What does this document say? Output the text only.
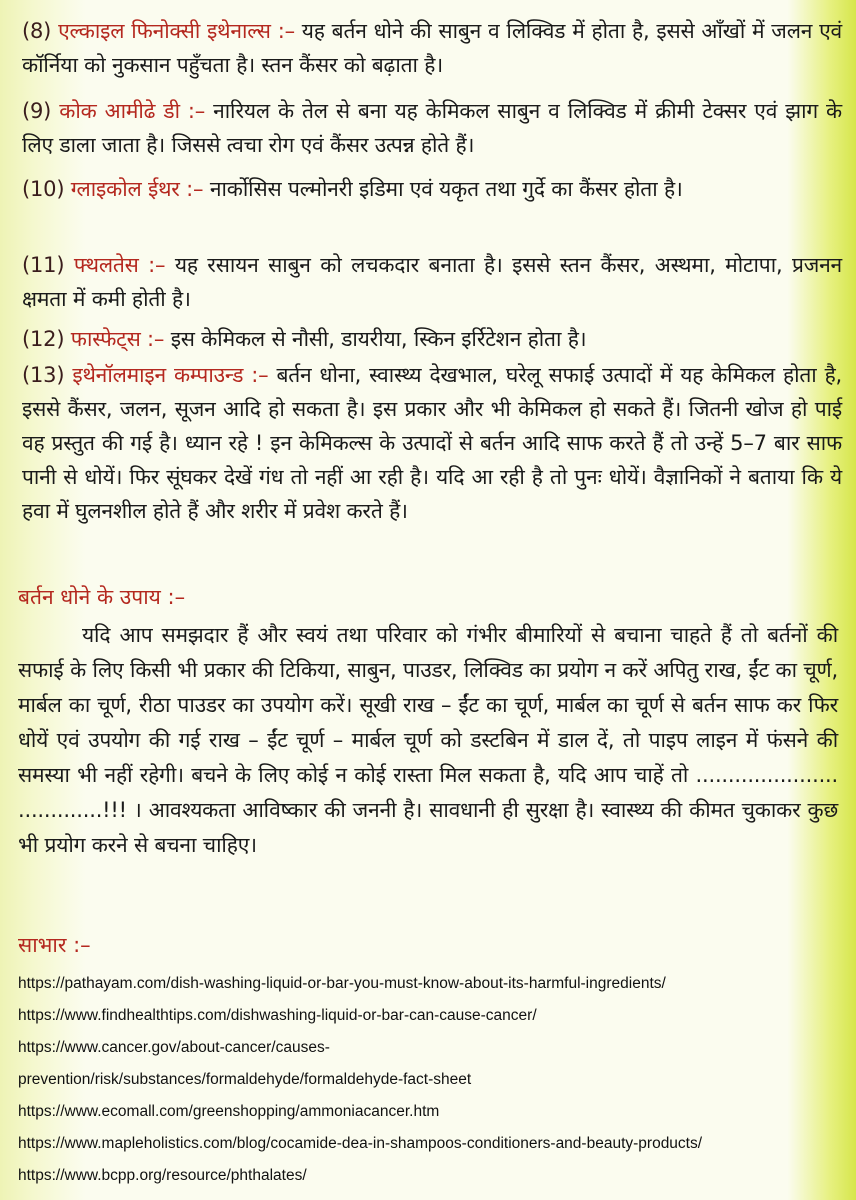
(8) एल्काइल फिनोक्सी इथेनाल्स :– यह बर्तन धोने की साबुन व लिक्विड में होता है, इससे आँखों में जलन एवं कॉर्निया को नुकसान पहुँचता है। स्तन कैंसर को बढ़ाता है।
(9) कोक आमीढे डी :– नारियल के तेल से बना यह केमिकल साबुन व लिक्विड में क्रीमी टेक्सर एवं झाग के लिए डाला जाता है। जिससे त्वचा रोग एवं कैंसर उत्पन्न होते हैं।
(10) ग्लाइकोल ईथर :– नार्कोसिस पल्मोनरी इडिमा एवं यकृत तथा गुर्दे का कैंसर होता है।
(11) फ्थलतेस :– यह रसायन साबुन को लचकदार बनाता है। इससे स्तन कैंसर, अस्थमा, मोटापा, प्रजनन क्षमता में कमी होती है।
(12) फास्फेट्स :– इस केमिकल से नौसी, डायरीया, स्किन इर्रिटेशन होता है।
(13) इथेनॉलमाइन कम्पाउन्ड :– बर्तन धोना, स्वास्थ्य देखभाल, घरेलू सफाई उत्पादों में यह केमिकल होता है, इससे कैंसर, जलन, सूजन आदि हो सकता है। इस प्रकार और भी केमिकल हो सकते हैं। जितनी खोज हो पाई वह प्रस्तुत की गई है। ध्यान रहे ! इन केमिकल्स के उत्पादों से बर्तन आदि साफ करते हैं तो उन्हें 5–7 बार साफ पानी से धोयें। फिर सूंघकर देखें गंध तो नहीं आ रही है। यदि आ रही है तो पुनः धोयें। वैज्ञानिकों ने बताया कि ये हवा में घुलनशील होते हैं और शरीर में प्रवेश करते हैं।
बर्तन धोने के उपाय :–
यदि आप समझदार हैं और स्वयं तथा परिवार को गंभीर बीमारियों से बचाना चाहते हैं तो बर्तनों की सफाई के लिए किसी भी प्रकार की टिकिया, साबुन, पाउडर, लिक्विड का प्रयोग न करें अपितु राख, ईंट का चूर्ण, मार्बल का चूर्ण, रीठा पाउडर का उपयोग करें। सूखी राख – ईंट का चूर्ण, मार्बल का चूर्ण से बर्तन साफ कर फिर धोयें एवं उपयोग की गई राख – ईंट चूर्ण – मार्बल चूर्ण को डस्टबिन में डाल दें, तो पाइप लाइन में फंसने की समस्या भी नहीं रहेगी। बचने के लिए कोई न कोई रास्ता मिल सकता है, यदि आप चाहें तो ...................... .............!!! । आवश्यकता आविष्कार की जननी है। सावधानी ही सुरक्षा है। स्वास्थ्य की कीमत चुकाकर कुछ भी प्रयोग करने से बचना चाहिए।
साभार :–
https://pathayam.com/dish-washing-liquid-or-bar-you-must-know-about-its-harmful-ingredients/
https://www.findhealthtips.com/dishwashing-liquid-or-bar-can-cause-cancer/
https://www.cancer.gov/about-cancer/causes-
prevention/risk/substances/formaldehyde/formaldehyde-fact-sheet
https://www.ecomall.com/greenshopping/ammoniacancer.htm
https://www.mapleholistics.com/blog/cocamide-dea-in-shampoos-conditioners-and-beauty-products/
https://www.bcpp.org/resource/phthalates/
